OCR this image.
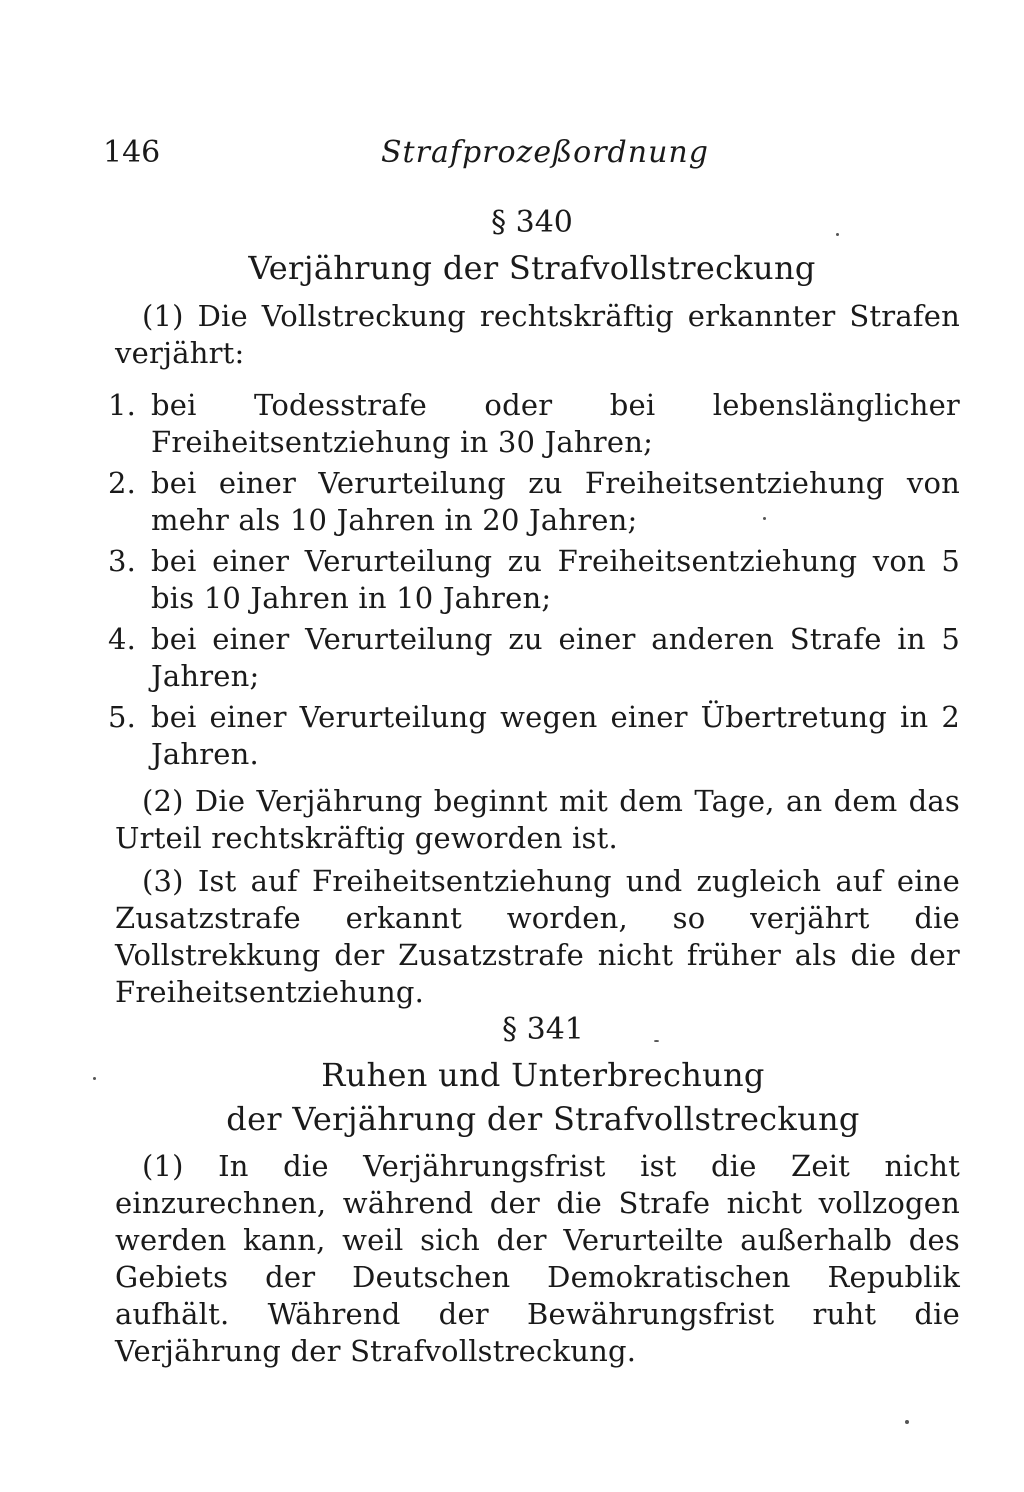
146	Strafprozeßordnung
§ 340
Verjährung der Strafvollstreckung
(1) Die Vollstreckung rechtskräftig erkannter Strafen verjährt:
1. bei Todesstrafe oder bei lebenslänglicher Freiheitsentziehung in 30 Jahren;
2. bei einer Verurteilung zu Freiheitsentziehung von mehr als 10 Jahren in 20 Jahren;
3. bei einer Verurteilung zu Freiheitsentziehung von 5 bis 10 Jahren in 10 Jahren;
4. bei einer Verurteilung zu einer anderen Strafe in 5 Jahren;
5. bei einer Verurteilung wegen einer Übertretung in 2 Jahren.
(2) Die Verjährung beginnt mit dem Tage, an dem das Urteil rechtskräftig geworden ist.
(3) Ist auf Freiheitsentziehung und zugleich auf eine Zusatzstrafe erkannt worden, so verjährt die Vollstrekkung der Zusatzstrafe nicht früher als die der Freiheitsentziehung.
§ 341
Ruhen und Unterbrechung
der Verjährung der Strafvollstreckung
(1) In die Verjährungsfrist ist die Zeit nicht einzurechnen, während der die Strafe nicht vollzogen werden kann, weil sich der Verurteilte außerhalb des Gebiets der Deutschen Demokratischen Republik aufhält. Während der Bewährungsfrist ruht die Verjährung der Strafvollstreckung.
